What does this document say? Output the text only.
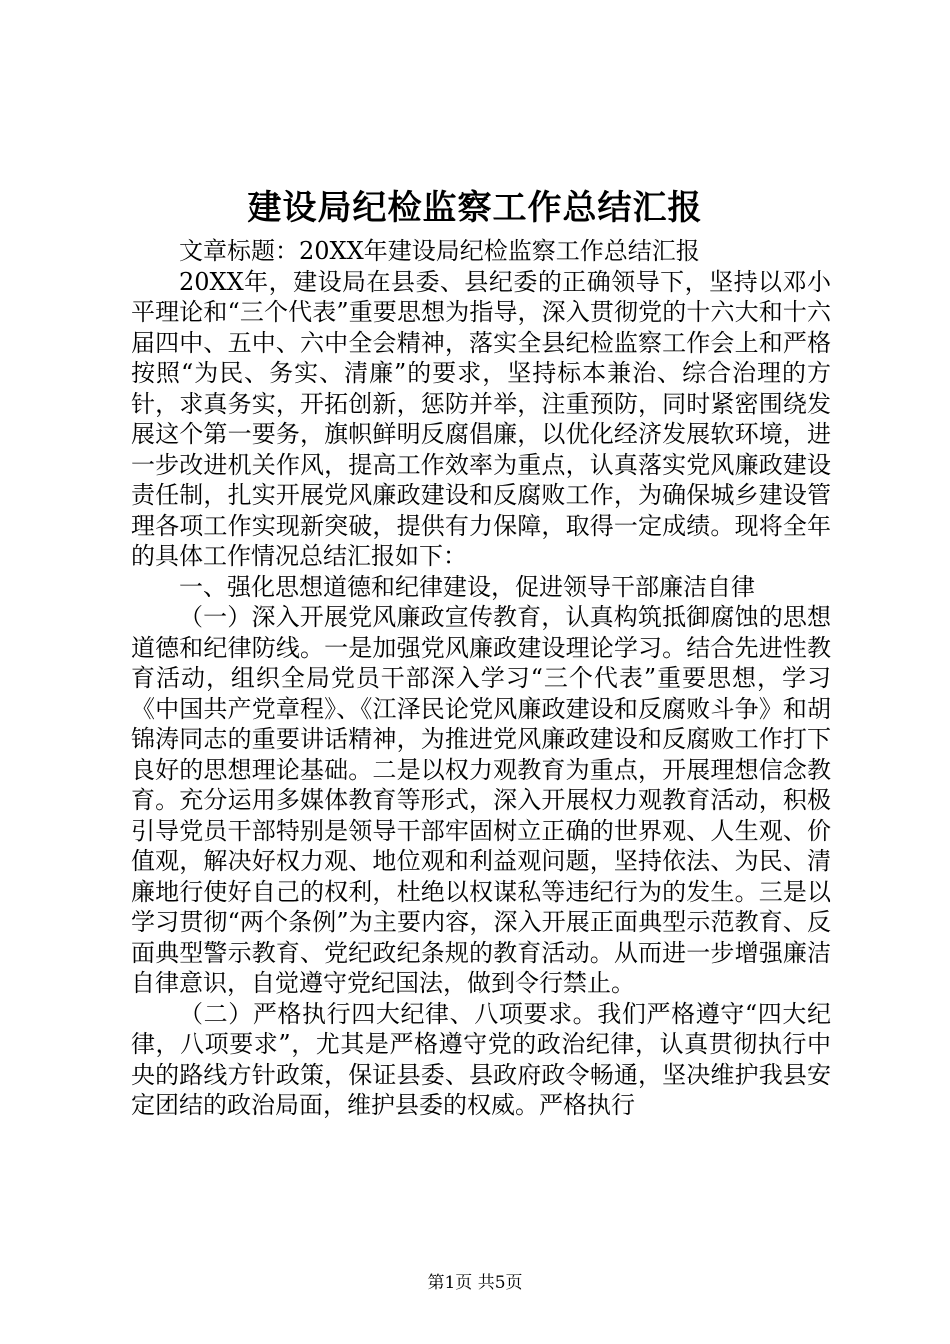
建设局纪检监察工作总结汇报

文章标题：20XX年建设局纪检监察工作总结汇报

20XX年，建设局在县委、县纪委的正确领导下，坚持以邓小平理论和“三个代表”重要思想为指导，深入贯彻党的十六大和十六届四中、五中、六中全会精神，落实全县纪检监察工作会上和严格按照“为民、务实、清廉”的要求，坚持标本兼治、综合治理的方针，求真务实，开拓创新，惩防并举，注重预防，同时紧密围绕发展这个第一要务，旗帜鲜明反腐倡廉，以优化经济发展软环境，进一步改进机关作风，提高工作效率为重点，认真落实党风廉政建设责任制，扎实开展党风廉政建设和反腐败工作，为确保城乡建设管理各项工作实现新突破，提供有力保障，取得一定成绩。现将全年的具体工作情况总结汇报如下：

一、强化思想道德和纪律建设，促进领导干部廉洁自律

（一）深入开展党风廉政宣传教育，认真构筑抵御腐蚀的思想道德和纪律防线。一是加强党风廉政建设理论学习。结合先进性教育活动，组织全局党员干部深入学习“三个代表”重要思想，学习《中国共产党章程》、《江泽民论党风廉政建设和反腐败斗争》和胡锦涛同志的重要讲话精神，为推进党风廉政建设和反腐败工作打下良好的思想理论基础。二是以权力观教育为重点，开展理想信念教育。充分运用多媒体教育等形式，深入开展权力观教育活动，积极引导党员干部特别是领导干部牢固树立正确的世界观、人生观、价值观，解决好权力观、地位观和利益观问题，坚持依法、为民、清廉地行使好自己的权利，杜绝以权谋私等违纪行为的发生。三是以学习贯彻“两个条例”为主要内容，深入开展正面典型示范教育、反面典型警示教育、党纪政纪条规的教育活动。从而进一步增强廉洁自律意识，自觉遵守党纪国法，做到令行禁止。

（二）严格执行四大纪律、八项要求。我们严格遵守“四大纪律，八项要求”，尤其是严格遵守党的政治纪律，认真贯彻执行中央的路线方针政策，保证县委、县政府政令畅通，坚决维护我县安定团结的政治局面，维护县委的权威。严格执行

第1页 共5页
